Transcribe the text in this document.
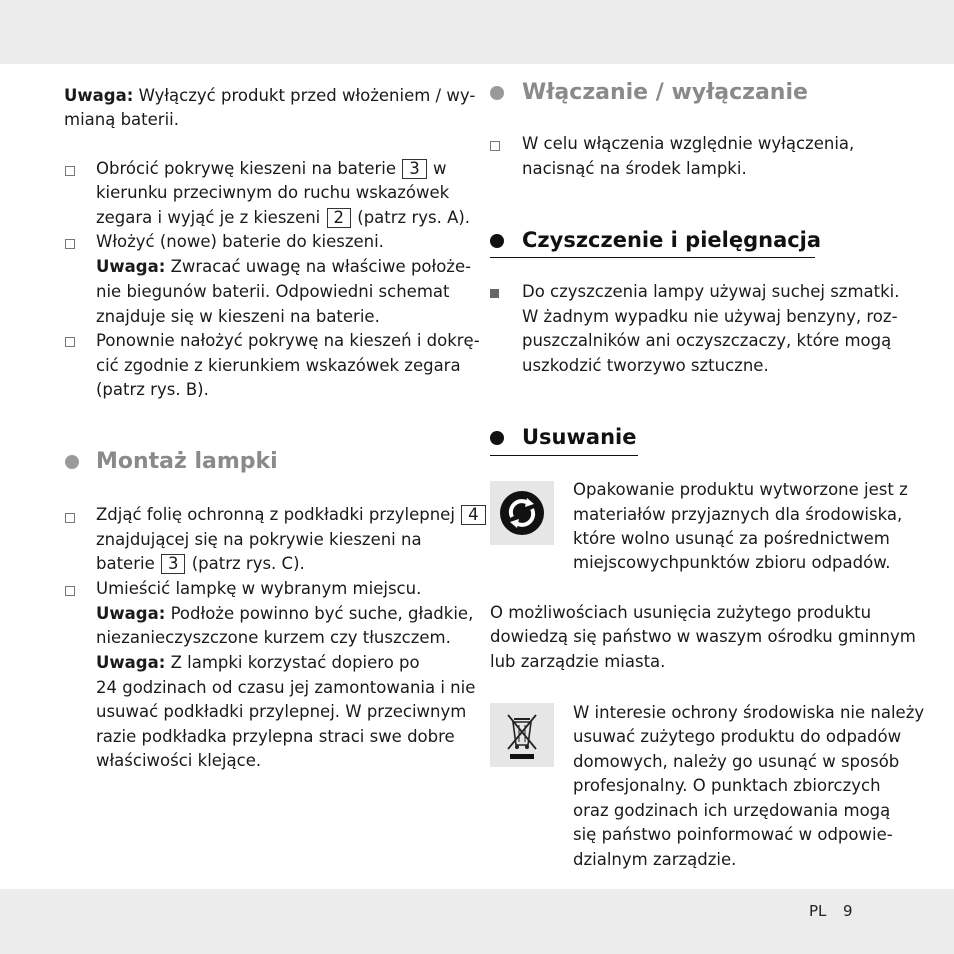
Uwaga: Wyłączyć produkt przed włożeniem / wy-
mianą baterii.
Obrócić pokrywę kieszeni na baterie 3 w
kierunku przeciwnym do ruchu wskazówek
zegara i wyjąć je z kieszeni 2 (patrz rys. A).
Włożyć (nowe) baterie do kieszeni.
Uwaga: Zwracać uwagę na właściwe położe-
nie biegunów baterii. Odpowiedni schemat
znajduje się w kieszeni na baterie.
Ponownie nałożyć pokrywę na kieszeń i dokrę-
cić zgodnie z kierunkiem wskazówek zegara
(patrz rys. B).
Montaż lampki
Zdjąć folię ochronną z podkładki przylepnej 4
znajdującej się na pokrywie kieszeni na
baterie 3 (patrz rys. C).
Umieścić lampkę w wybranym miejscu.
Uwaga: Podłoże powinno być suche, gładkie,
niezanieczyszczone kurzem czy tłuszczem.
Uwaga: Z lampki korzystać dopiero po
24 godzinach od czasu jej zamontowania i nie
usuwać podkładki przylepnej. W przeciwnym
razie podkładka przylepna straci swe dobre
właściwości klejące.
Włączanie / wyłączanie
W celu włączenia względnie wyłączenia,
nacisnąć na środek lampki.
Czyszczenie i pielęgnacja
Do czyszczenia lampy używaj suchej szmatki.
W żadnym wypadku nie używaj benzyny, roz-
puszczalników ani oczyszczaczy, które mogą
uszkodzić tworzywo sztuczne.
Usuwanie
Opakowanie produktu wytworzone jest z
materiałów przyjaznych dla środowiska,
które wolno usunąć za pośrednictwem
miejscowychpunktów zbioru odpadów.
O możliwościach usunięcia zużytego produktu
dowiedzą się państwo w waszym ośrodku gminnym
lub zarządzie miasta.
W interesie ochrony środowiska nie należy
usuwać zużytego produktu do odpadów
domowych, należy go usunąć w sposób
profesjonalny. O punktach zbiorczych
oraz godzinach ich urzędowania mogą
się państwo poinformować w odpowie-
dzialnym zarządzie.
PL 9
